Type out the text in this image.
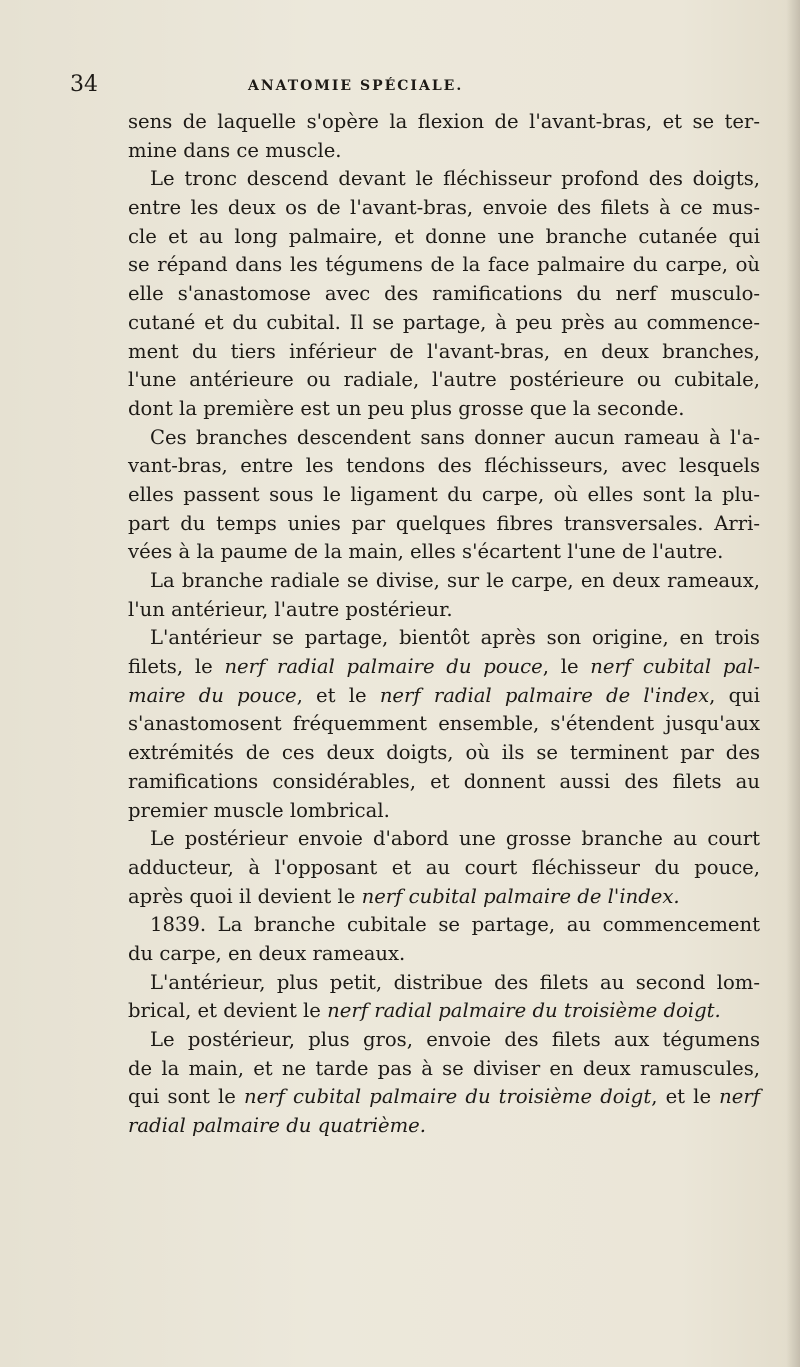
34	ANATOMIE SPÉCIALE.
sens de laquelle s'opère la flexion de l'avant-bras, et se ter-
mine dans ce muscle.
Le tronc descend devant le fléchisseur profond des doigts,
entre les deux os de l'avant-bras, envoie des filets à ce mus-
cle et au long palmaire, et donne une branche cutanée qui
se répand dans les tégumens de la face palmaire du carpe, où
elle s'anastomose avec des ramifications du nerf musculo-
cutané et du cubital. Il se partage, à peu près au commence-
ment du tiers inférieur de l'avant-bras, en deux branches,
l'une antérieure ou radiale, l'autre postérieure ou cubitale,
dont la première est un peu plus grosse que la seconde.
Ces branches descendent sans donner aucun rameau à l'a-
vant-bras, entre les tendons des fléchisseurs, avec lesquels
elles passent sous le ligament du carpe, où elles sont la plu-
part du temps unies par quelques fibres transversales. Arri-
vées à la paume de la main, elles s'écartent l'une de l'autre.
La branche radiale se divise, sur le carpe, en deux rameaux,
l'un antérieur, l'autre postérieur.
L'antérieur se partage, bientôt après son origine, en trois
filets, le nerf radial palmaire du pouce, le nerf cubital pal-
maire du pouce, et le nerf radial palmaire de l'index, qui
s'anastomosent fréquemment ensemble, s'étendent jusqu'aux
extrémités de ces deux doigts, où ils se terminent par des
ramifications considérables, et donnent aussi des filets au
premier muscle lombrical.
Le postérieur envoie d'abord une grosse branche au court
adducteur, à l'opposant et au court fléchisseur du pouce,
après quoi il devient le nerf cubital palmaire de l'index.
1839. La branche cubitale se partage, au commencement
du carpe, en deux rameaux.
L'antérieur, plus petit, distribue des filets au second lom-
brical, et devient le nerf radial palmaire du troisième doigt.
Le postérieur, plus gros, envoie des filets aux tégumens
de la main, et ne tarde pas à se diviser en deux ramuscules,
qui sont le nerf cubital palmaire du troisième doigt, et le nerf
radial palmaire du quatrième.
